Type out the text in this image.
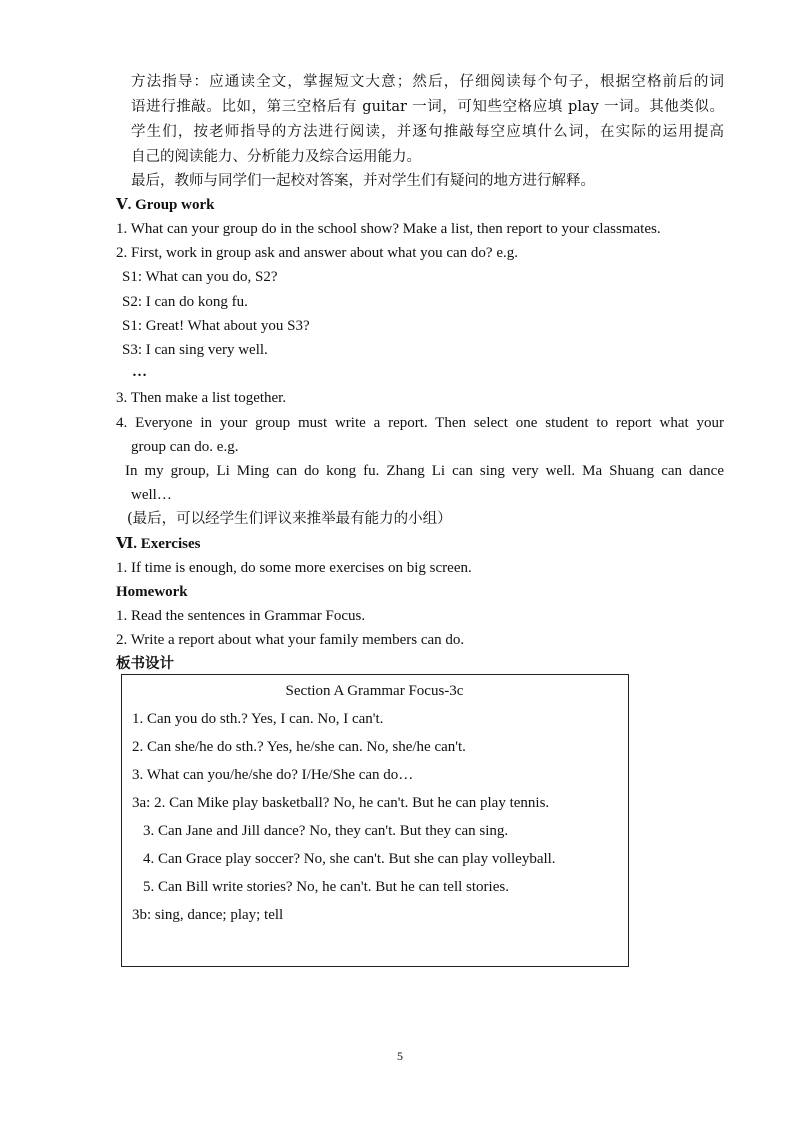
方法指导：应通读全文，掌握短文大意；然后，仔细阅读每个句子，根据空格前后的词
语进行推敲。比如，第三空格后有 guitar 一词，可知些空格应填 play 一词。其他类似。
学生们，按老师指导的方法进行阅读，并逐句推敲每空应填什么词，在实际的运用提高
自己的阅读能力、分析能力及综合运用能力。
最后，教师与同学们一起校对答案，并对学生们有疑问的地方进行解释。
Ⅴ. Group work
1. What can your group do in the school show? Make a list, then report to your classmates.
2. First, work in group ask and answer about what you can do? e.g.
S1: What can you do, S2?
S2: I can do kong fu.
S1: Great! What about you S3?
S3: I can sing very well.
…
3. Then make a list together.
4. Everyone in your group must write a report. Then select one student to report what your
group can do. e.g.
In my group, Li Ming can do kong fu. Zhang Li can sing very well. Ma Shuang can dance
well…
(最后，可以经学生们评议来推举最有能力的小组）
Ⅵ. Exercises
1. If time is enough, do some more exercises on big screen.
Homework
1. Read the sentences in Grammar Focus.
2. Write a report about what your family members can do.
板书设计
Section A Grammar Focus-3c
1. Can you do sth.? Yes, I can. No, I can't.
2. Can she/he do sth.? Yes, he/she can. No, she/he can't.
3. What can you/he/she do? I/He/She can do…
3a: 2. Can Mike play basketball? No, he can't. But he can play tennis.
3. Can Jane and Jill dance? No, they can't. But they can sing.
4. Can Grace play soccer? No, she can't. But she can play volleyball.
5. Can Bill write stories? No, he can't. But he can tell stories.
3b: sing, dance; play; tell
5
